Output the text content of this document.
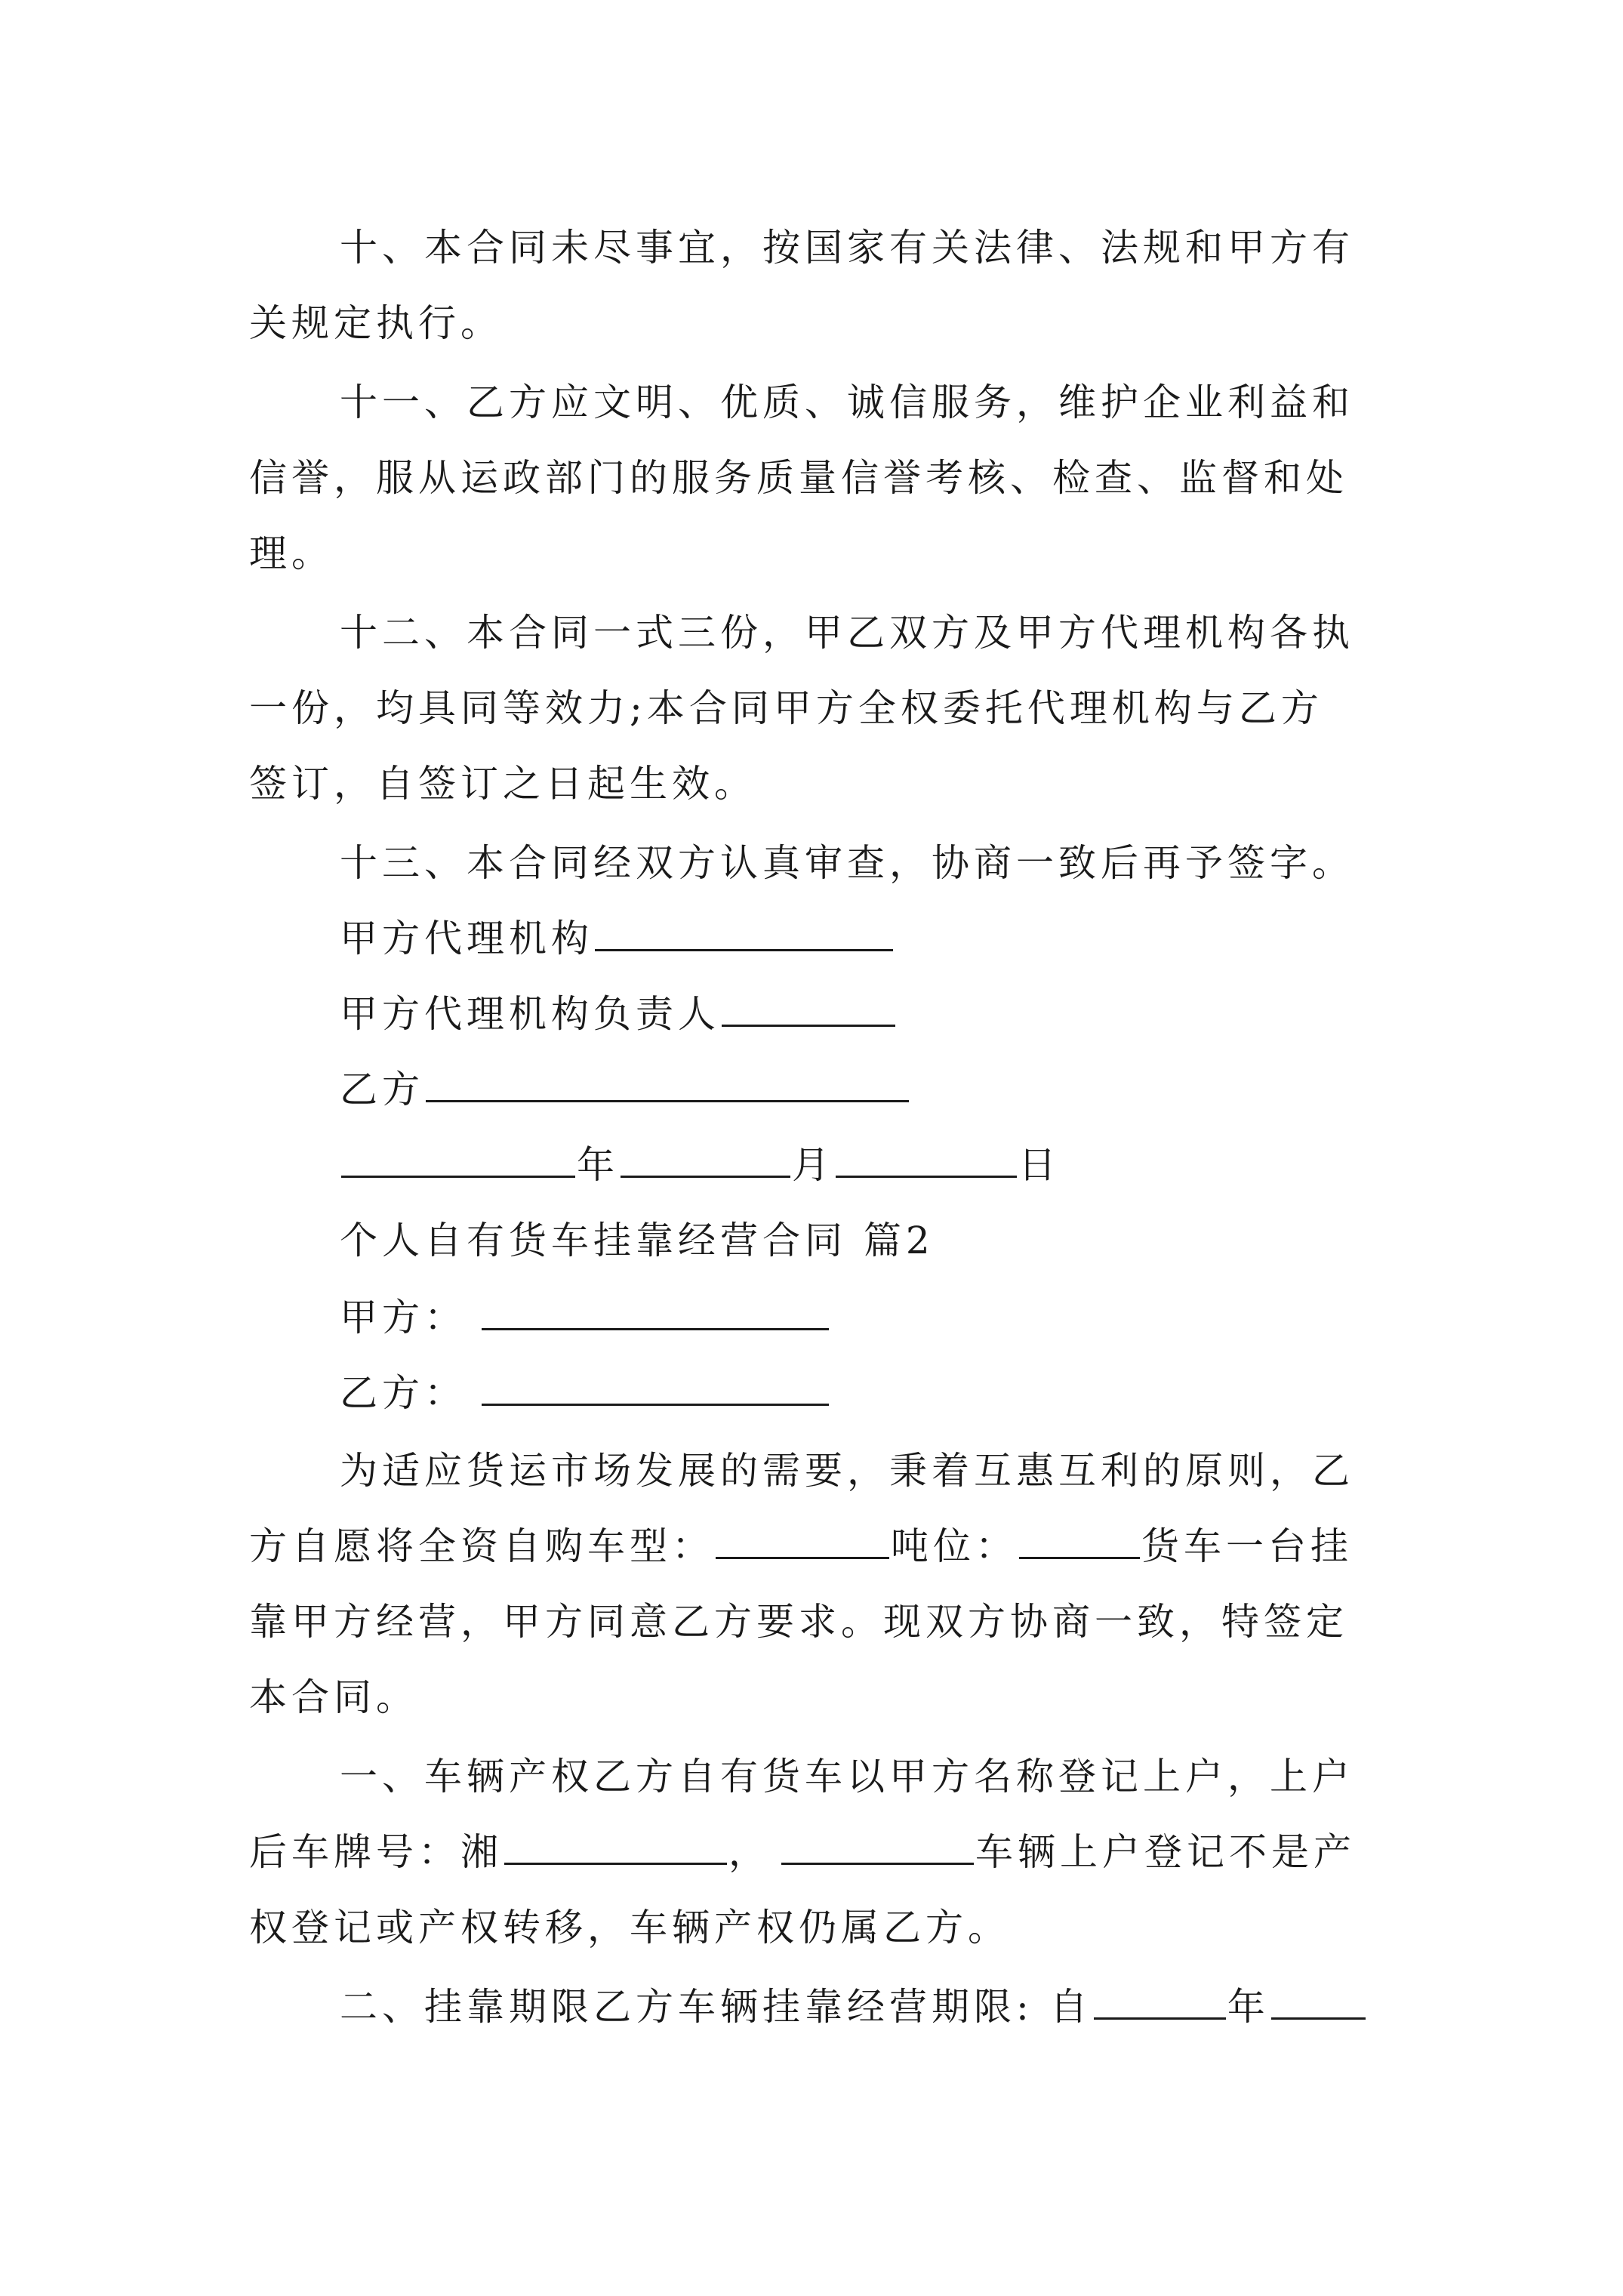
十、本合同未尽事宜，按国家有关法律、法规和甲方有
关规定执行。
十一、乙方应文明、优质、诚信服务，维护企业利益和
信誉，服从运政部门的服务质量信誉考核、检查、监督和处
理。
十二、本合同一式三份，甲乙双方及甲方代理机构各执
一份，均具同等效力;本合同甲方全权委托代理机构与乙方
签订，自签订之日起生效。
十三、本合同经双方认真审查，协商一致后再予签字。
甲方代理机构
甲方代理机构负责人
乙方
年	月	日
个人自有货车挂靠经营合同 篇2
甲方：
乙方：
为适应货运市场发展的需要，秉着互惠互利的原则，乙
方自愿将全资自购车型：	吨位：	货车一台挂
靠甲方经营，甲方同意乙方要求。现双方协商一致，特签定
本合同。
一、车辆产权乙方自有货车以甲方名称登记上户，上户
后车牌号：湘	，	车辆上户登记不是产
权登记或产权转移，车辆产权仍属乙方。
二、挂靠期限乙方车辆挂靠经营期限: 自	年
